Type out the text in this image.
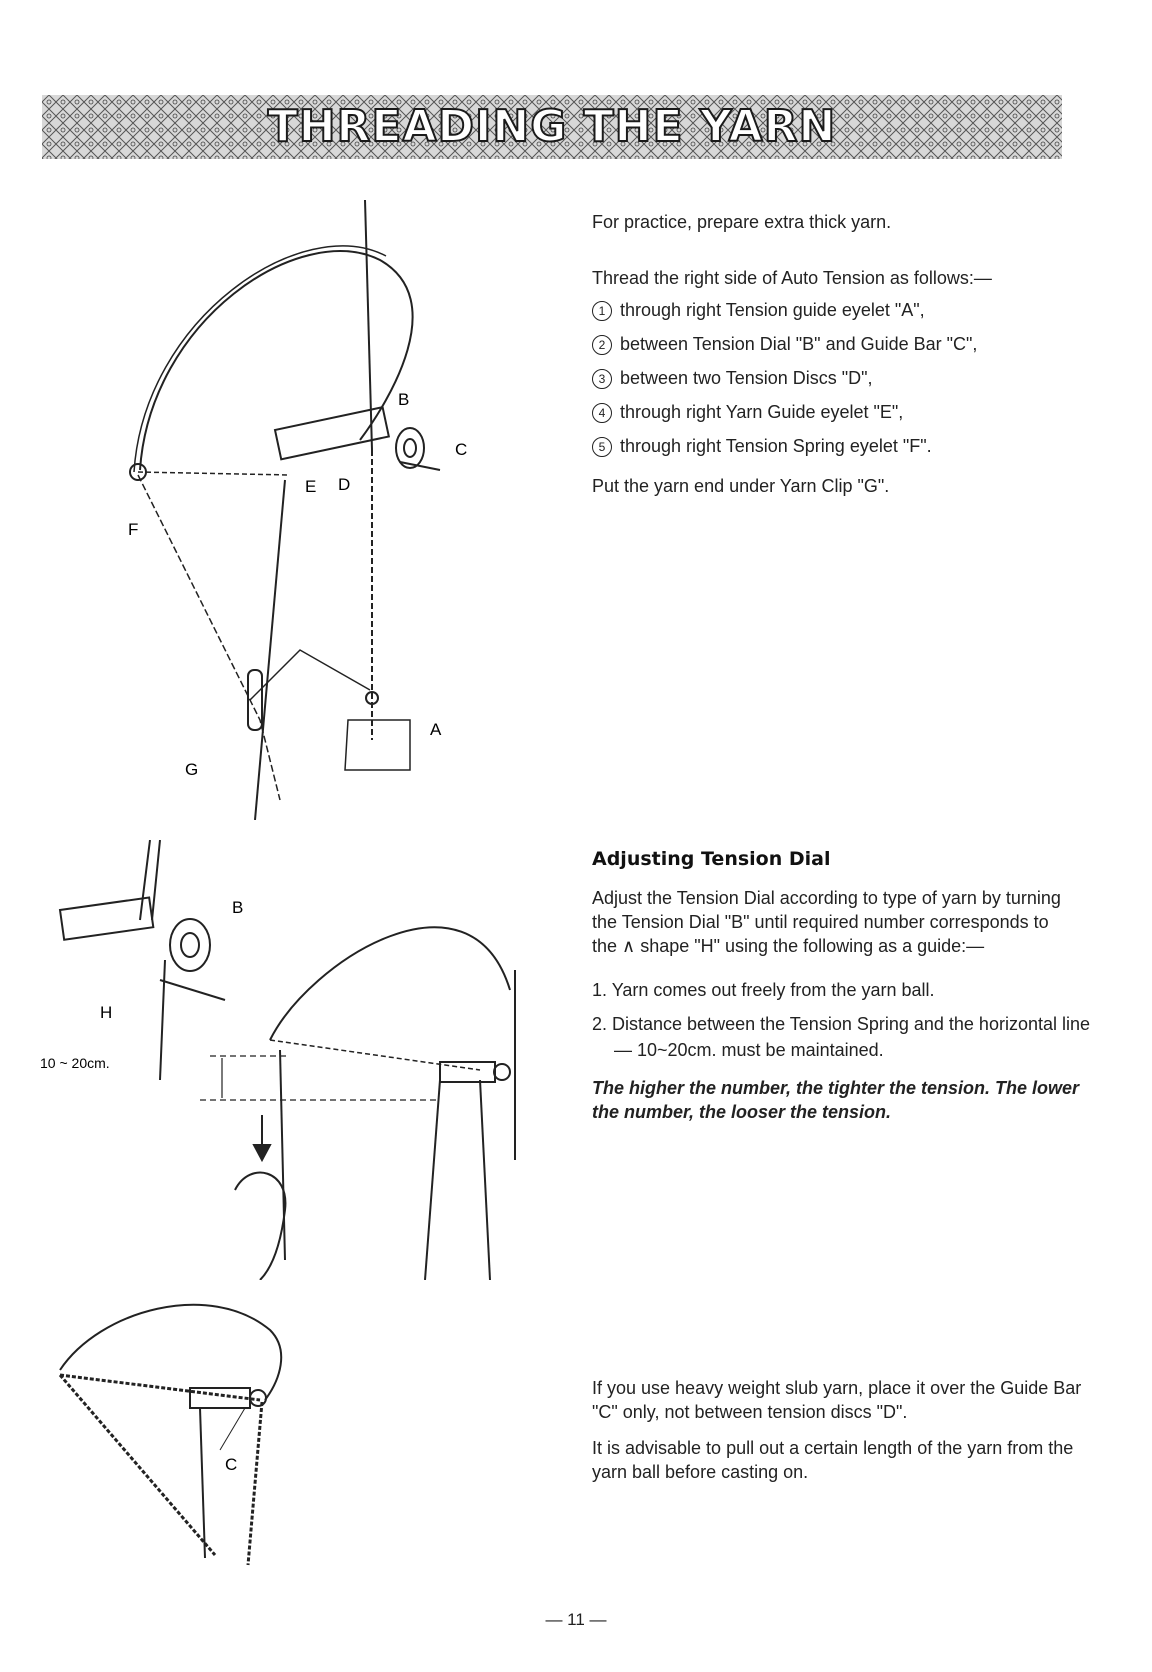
THREADING THE YARN
For practice, prepare extra thick yarn.
Thread the right side of Auto Tension as follows:—
1 through right Tension guide eyelet "A",
2 between Tension Dial "B" and Guide Bar "C",
3 between two Tension Discs "D",
4 through right Yarn Guide eyelet "E",
5 through right Tension Spring eyelet "F".
Put the yarn end under Yarn Clip "G".
Adjusting Tension Dial
Adjust the Tension Dial according to type of yarn by turning the Tension Dial "B" until required number corresponds to the ∧ shape "H" using the following as a guide:—
1. Yarn comes out freely from the yarn ball.
2. Distance between the Tension Spring and the horizontal line
— 10~20cm. must be maintained.
The higher the number, the tighter the tension. The lower the number, the looser the tension.
If you use heavy weight slub yarn, place it over the Guide Bar "C" only, not between tension discs "D".
It is advisable to pull out a certain length of the yarn from the yarn ball before casting on.
— 11 —
B
C
D
E
F
G
A
B
H
10 ~ 20cm.
C
